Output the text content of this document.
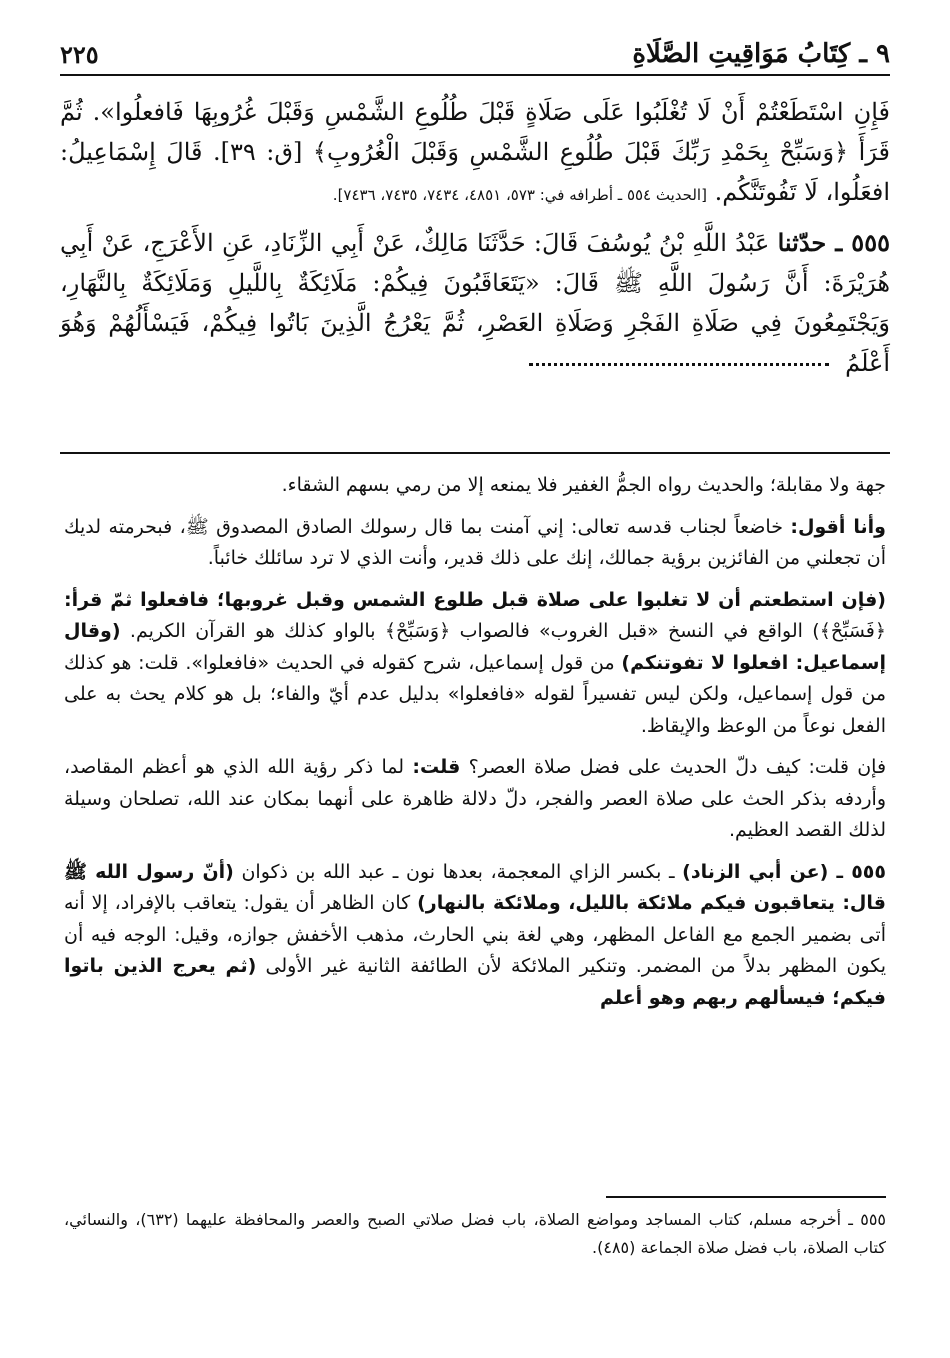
٩ ـ كِتَابُ مَوَاقِيتِ الصَّلَاةِ
٢٢٥

فَإِنِ اسْتَطَعْتُمْ أَنْ لَا تُغْلَبُوا عَلَى صَلَاةٍ قَبْلَ طُلُوعِ الشَّمْسِ وَقَبْلَ غُرُوبِهَا فَافعلُوا». ثُمَّ قَرَأَ ﴿وَسَبِّحْ بِحَمْدِ رَبِّكَ قَبْلَ طُلُوعِ الشَّمْسِ وَقَبْلَ الْغُرُوبِ﴾ [ق: ٣٩]. قَالَ إِسْمَاعِيلُ: افعَلُوا، لَا تَفُوتَنَّكُم. [الحديث ٥٥٤ ـ أطرافه في: ٥٧٣، ٤٨٥١، ٧٤٣٤، ٧٤٣٥، ٧٤٣٦].

٥٥٥ ـ حدّثنا عَبْدُ اللَّهِ بْنُ يُوسُفَ قَالَ: حَدَّثَنَا مَالِكٌ، عَنْ أَبِي الزِّنَادِ، عَنِ الأَعْرَجِ، عَنْ أَبِي هُرَيْرَةَ: أَنَّ رَسُولَ اللَّهِ ﷺ قَالَ: «يَتَعَاقَبُونَ فِيكُمْ: مَلَائِكَةٌ بِاللَّيلِ وَمَلَائِكَةٌ بِالنَّهَارِ، وَيَجْتَمِعُونَ فِي صَلَاةِ الفَجْرِ وَصَلَاةِ العَصْرِ، ثُمَّ يَعْرُجُ الَّذِينَ بَاتُوا فِيكُمْ، فَيَسْأَلُهُمْ وَهُوَ أَعْلَمُ

جهة ولا مقابلة؛ والحديث رواه الجمُّ الغفير فلا يمنعه إلا من رمي بسهم الشقاء.

وأنا أقول: خاضعاً لجناب قدسه تعالى: إني آمنت بما قال رسولك الصادق المصدوق ﷺ، فبحرمته لديك أن تجعلني من الفائزين برؤية جمالك، إنك على ذلك قدير، وأنت الذي لا ترد سائلك خائباً.

(فإن استطعتم أن لا تغلبوا على صلاة قبل طلوع الشمس وقبل غروبها؛ فافعلوا ثمّ قرأ: ﴿فَسَبِّحْ﴾) الواقع في النسخ «قبل الغروب» فالصواب ﴿وَسَبِّحْ﴾ بالواو كذلك هو القرآن الكريم. (وقال إسماعيل: افعلوا لا تفوتنكم) من قول إسماعيل، شرح كقوله في الحديث «فافعلوا». قلت: هو كذلك من قول إسماعيل، ولكن ليس تفسيراً لقوله «فافعلوا» بدليل عدم أيّ والفاء؛ بل هو كلام يحث به على الفعل نوعاً من الوعظ والإيقاظ.

فإن قلت: كيف دلّ الحديث على فضل صلاة العصر؟ قلت: لما ذكر رؤية الله الذي هو أعظم المقاصد، وأردفه بذكر الحث على صلاة العصر والفجر، دلّ دلالة ظاهرة على أنهما بمكان عند الله، تصلحان وسيلة لذلك القصد العظيم.

٥٥٥ ـ (عن أبي الزناد) ـ بكسر الزاي المعجمة، بعدها نون ـ عبد الله بن ذكوان (أنّ رسول الله ﷺ قال: يتعاقبون فيكم ملائكة بالليل، وملائكة بالنهار) كان الظاهر أن يقول: يتعاقب بالإفراد، إلا أنه أتى بضمير الجمع مع الفاعل المظهر، وهي لغة بني الحارث، مذهب الأخفش جوازه، وقيل: الوجه فيه أن يكون المظهر بدلاً من المضمر. وتنكير الملائكة لأن الطائفة الثانية غير الأولى (ثم يعرج الذين باتوا فيكم؛ فيسألهم ربهم وهو أعلم

٥٥٥ ـ أخرجه مسلم، كتاب المساجد ومواضع الصلاة، باب فضل صلاتي الصبح والعصر والمحافظة عليهما (٦٣٢)، والنسائي، كتاب الصلاة، باب فضل صلاة الجماعة (٤٨٥).
